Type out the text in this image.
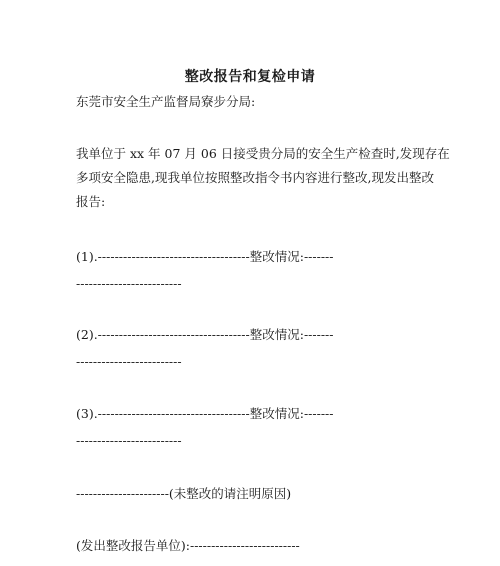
整改报告和复检申请
东莞市安全生产监督局寮步分局:
我单位于 xx 年 07 月 06 日接受贵分局的安全生产检查时,发现存在
多项安全隐患,现我单位按照整改指令书内容进行整改,现发出整改
报告:
(1).------------------------------------整改情况:-------
-------------------------
(2).------------------------------------整改情况:-------
-------------------------
(3).------------------------------------整改情况:-------
-------------------------
----------------------(未整改的请注明原因)
(发出整改报告单位):--------------------------
